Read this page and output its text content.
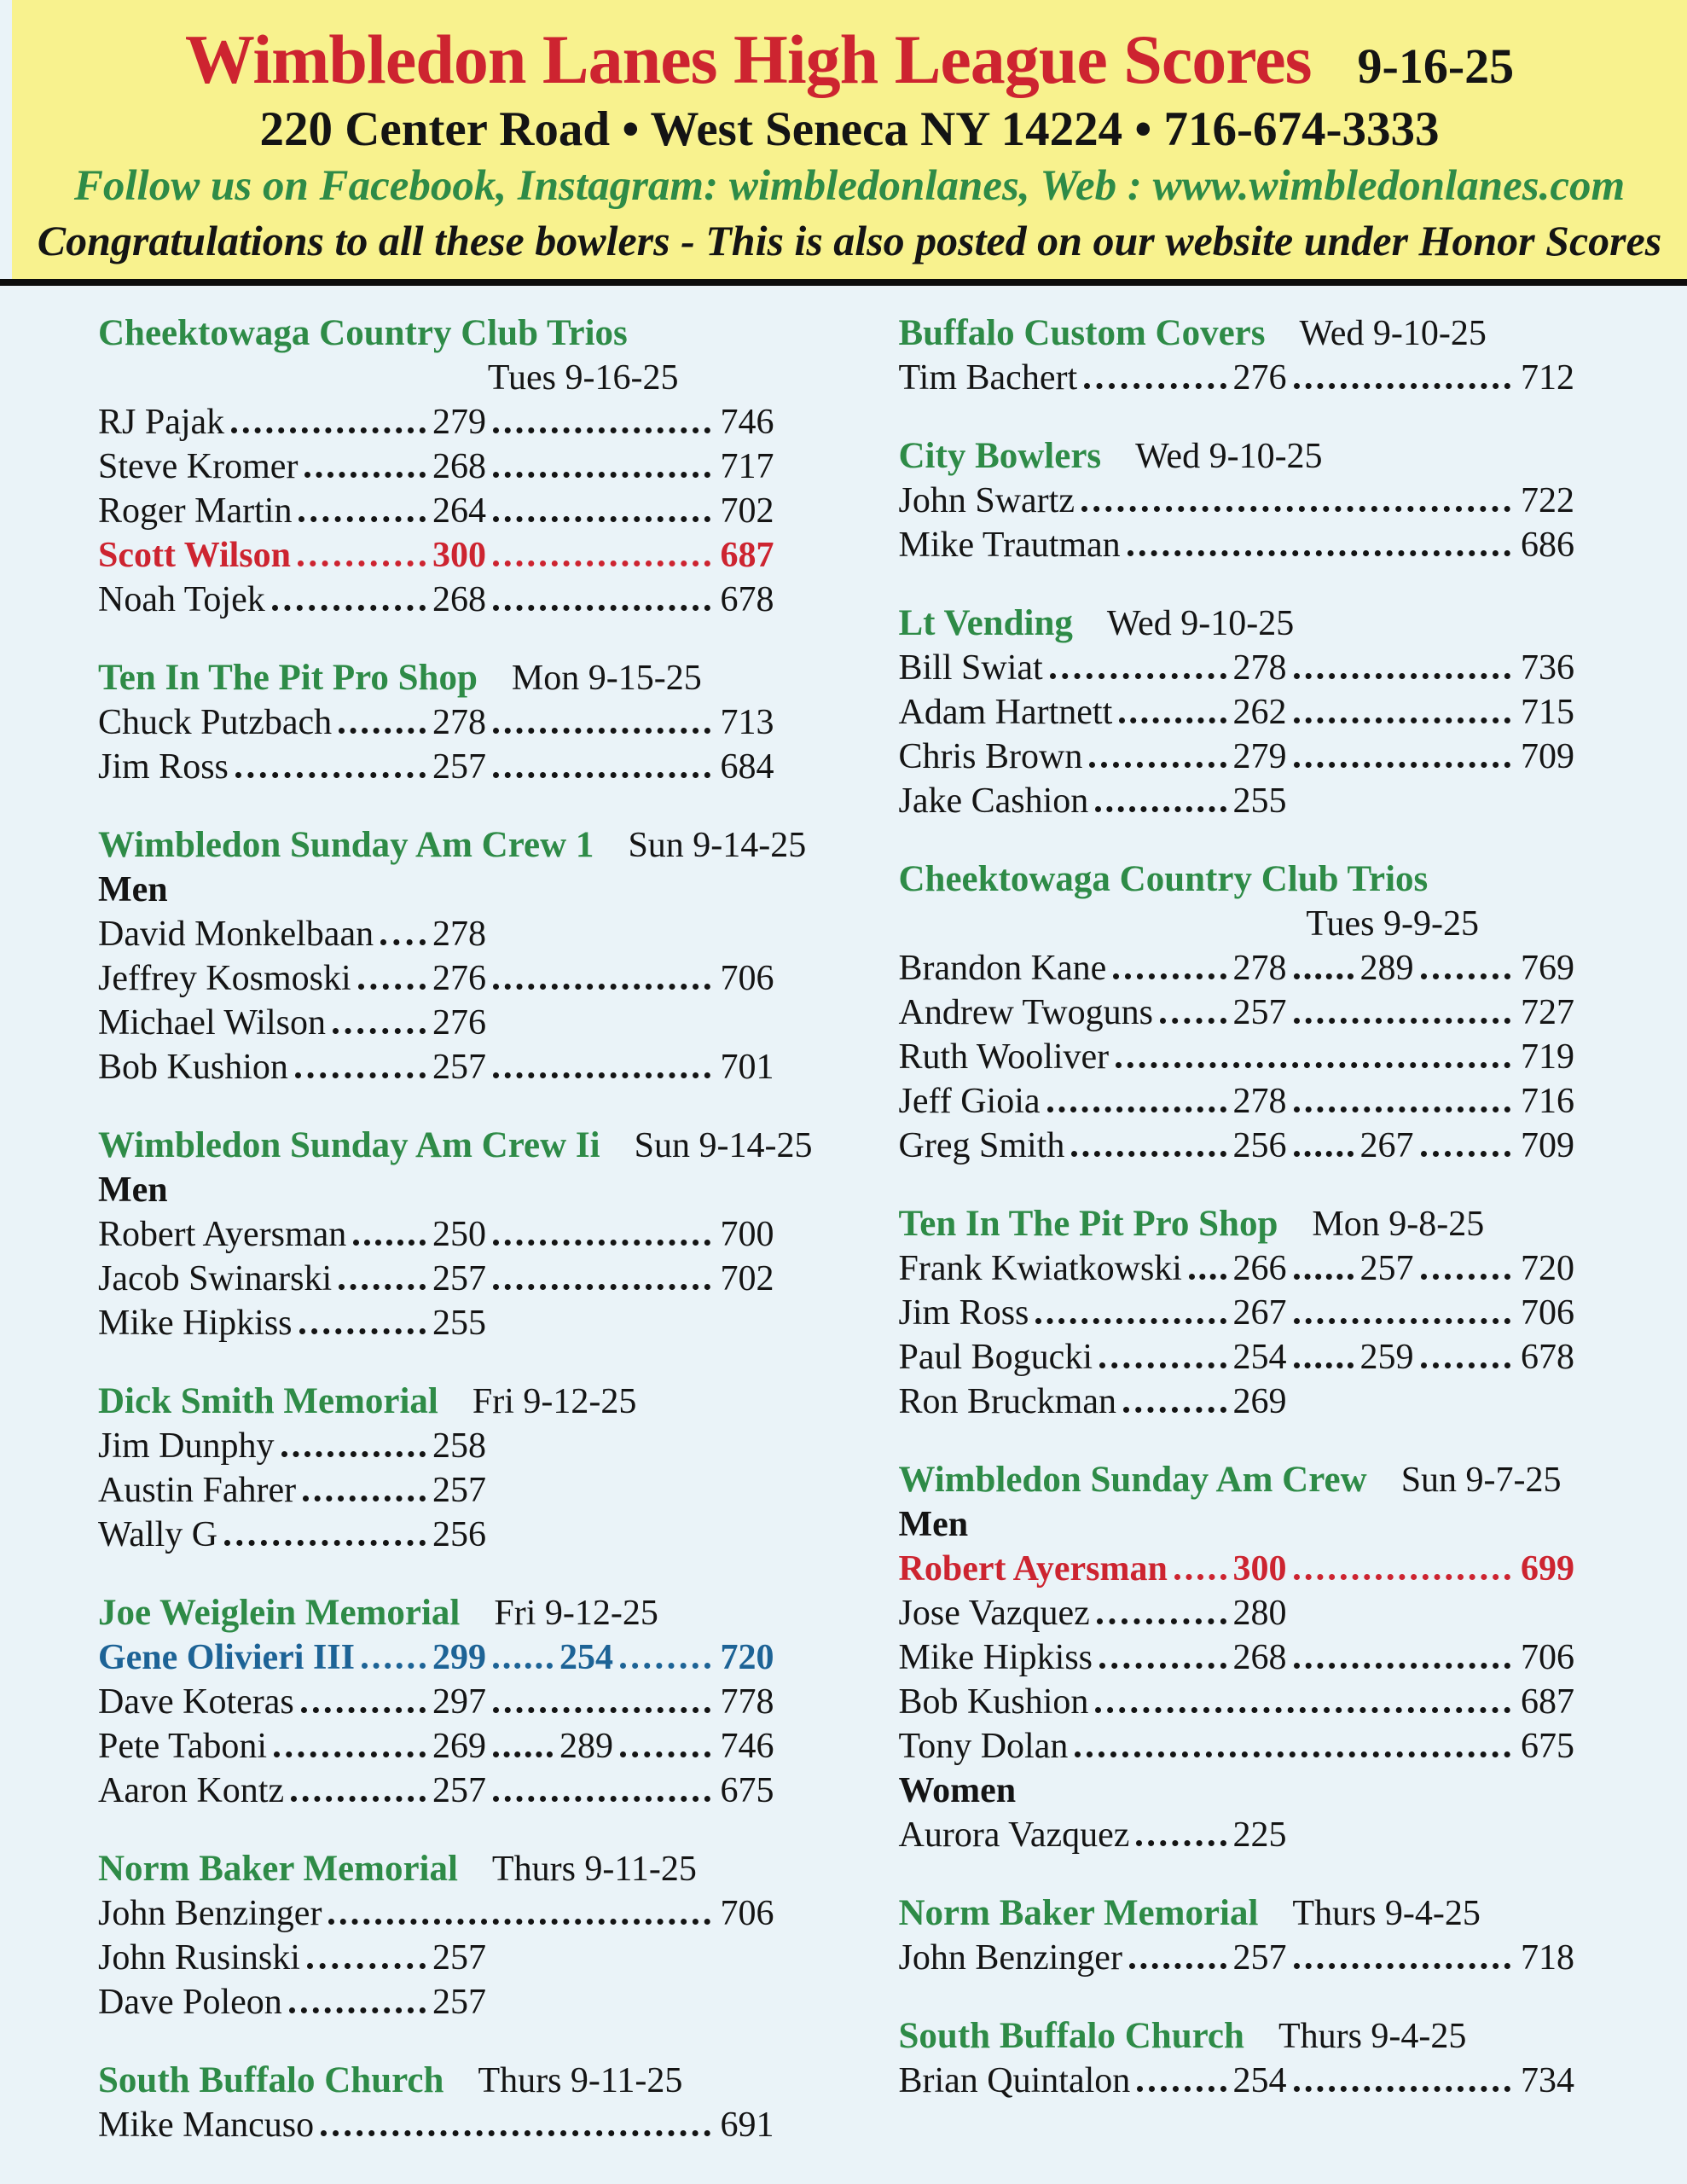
Wimbledon Lanes High League Scores 9-16-25
220 Center Road • West Seneca NY 14224 • 716-674-3333
Follow us on Facebook, Instagram: wimbledonlanes, Web : www.wimbledonlanes.com
Congratulations to all these bowlers - This is also posted on our website under Honor Scores
Cheektowaga Country Club Trios
Tues 9-16-25
RJ Pajak	279	746
Steve Kromer	268	717
Roger Martin	264	702
Scott Wilson	300	687
Noah Tojek	268	678
Ten In The Pit Pro Shop Mon 9-15-25
Chuck Putzbach	278	713
Jim Ross	257	684
Wimbledon Sunday Am Crew 1 Sun 9-14-25
Men
David Monkelbaan 278
Jeffrey Kosmoski 276	706
Michael Wilson	276
Bob Kushion	257	701
Wimbledon Sunday Am Crew Ii Sun 9-14-25
Men
Robert Ayersman 250	700
Jacob Swinarski	257	702
Mike Hipkiss	255
Dick Smith Memorial Fri 9-12-25
Jim Dunphy	258
Austin Fahrer	257
Wally G	256
Joe Weiglein Memorial Fri 9-12-25
Gene Olivieri III 299 254	720
Dave Koteras	297	778
Pete Taboni	269 289	746
Aaron Kontz	257	675
Norm Baker Memorial Thurs 9-11-25
John Benzinger	706
John Rusinski	257
Dave Poleon	257
South Buffalo Church Thurs 9-11-25
Mike Mancuso	691
Buffalo Custom Covers Wed 9-10-25
Tim Bachert	276	712
City Bowlers Wed 9-10-25
John Swartz	722
Mike Trautman	686
Lt Vending Wed 9-10-25
Bill Swiat	278	736
Adam Hartnett	262	715
Chris Brown	279	709
Jake Cashion	255
Cheektowaga Country Club Trios
Tues 9-9-25
Brandon Kane	278 289	769
Andrew Twoguns 257	727
Ruth Wooliver	719
Jeff Gioia	278	716
Greg Smith	256 267	709
Ten In The Pit Pro Shop Mon 9-8-25
Frank Kwiatkowski 266 257	720
Jim Ross	267	706
Paul Bogucki	254 259	678
Ron Bruckman	269
Wimbledon Sunday Am Crew Sun 9-7-25
Men
Robert Ayersman 300	699
Jose Vazquez	280
Mike Hipkiss	268	706
Bob Kushion	687
Tony Dolan	675
Women
Aurora Vazquez	225
Norm Baker Memorial Thurs 9-4-25
John Benzinger	257	718
South Buffalo Church Thurs 9-4-25
Brian Quintalon	254	734
